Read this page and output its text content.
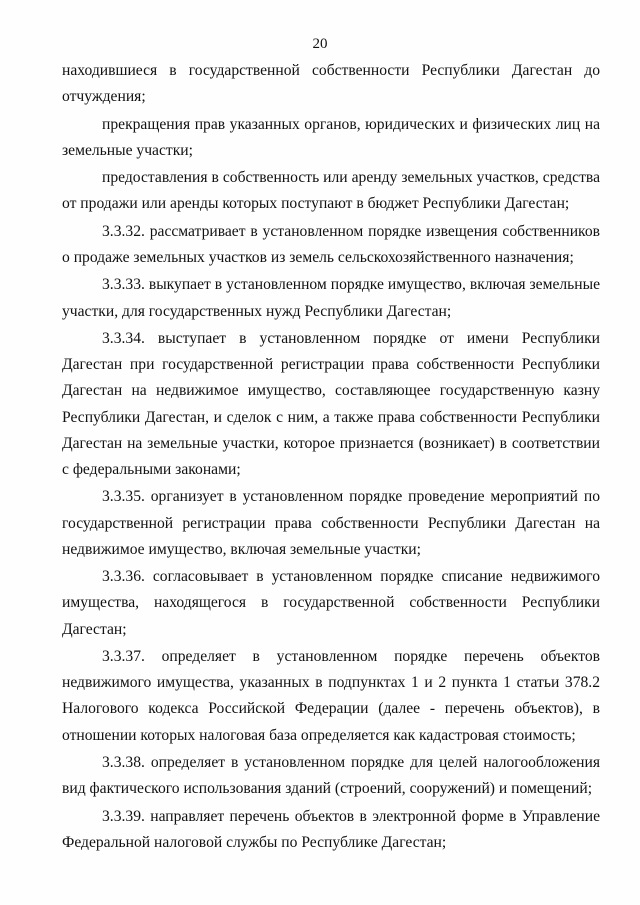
20

находившиеся в государственной собственности Республики Дагестан до отчуждения;

прекращения прав указанных органов, юридических и физических лиц на земельные участки;

предоставления в собственность или аренду земельных участков, средства от продажи или аренды которых поступают в бюджет Республики Дагестан;

3.3.32. рассматривает в установленном порядке извещения собственников о продаже земельных участков из земель сельскохозяйственного назначения;

3.3.33. выкупает в установленном порядке имущество, включая земельные участки, для государственных нужд Республики Дагестан;

3.3.34. выступает в установленном порядке от имени Республики Дагестан при государственной регистрации права собственности Республики Дагестан на недвижимое имущество, составляющее государственную казну Республики Дагестан, и сделок с ним, а также права собственности Республики Дагестан на земельные участки, которое признается (возникает) в соответствии с федеральными законами;

3.3.35. организует в установленном порядке проведение мероприятий по государственной регистрации права собственности Республики Дагестан на недвижимое имущество, включая земельные участки;

3.3.36. согласовывает в установленном порядке списание недвижимого имущества, находящегося в государственной собственности Республики Дагестан;

3.3.37. определяет в установленном порядке перечень объектов недвижимого имущества, указанных в подпунктах 1 и 2 пункта 1 статьи 378.2 Налогового кодекса Российской Федерации (далее - перечень объектов), в отношении которых налоговая база определяется как кадастровая стоимость;

3.3.38. определяет в установленном порядке для целей налогообложения вид фактического использования зданий (строений, сооружений) и помещений;

3.3.39. направляет перечень объектов в электронной форме в Управление Федеральной налоговой службы по Республике Дагестан;
